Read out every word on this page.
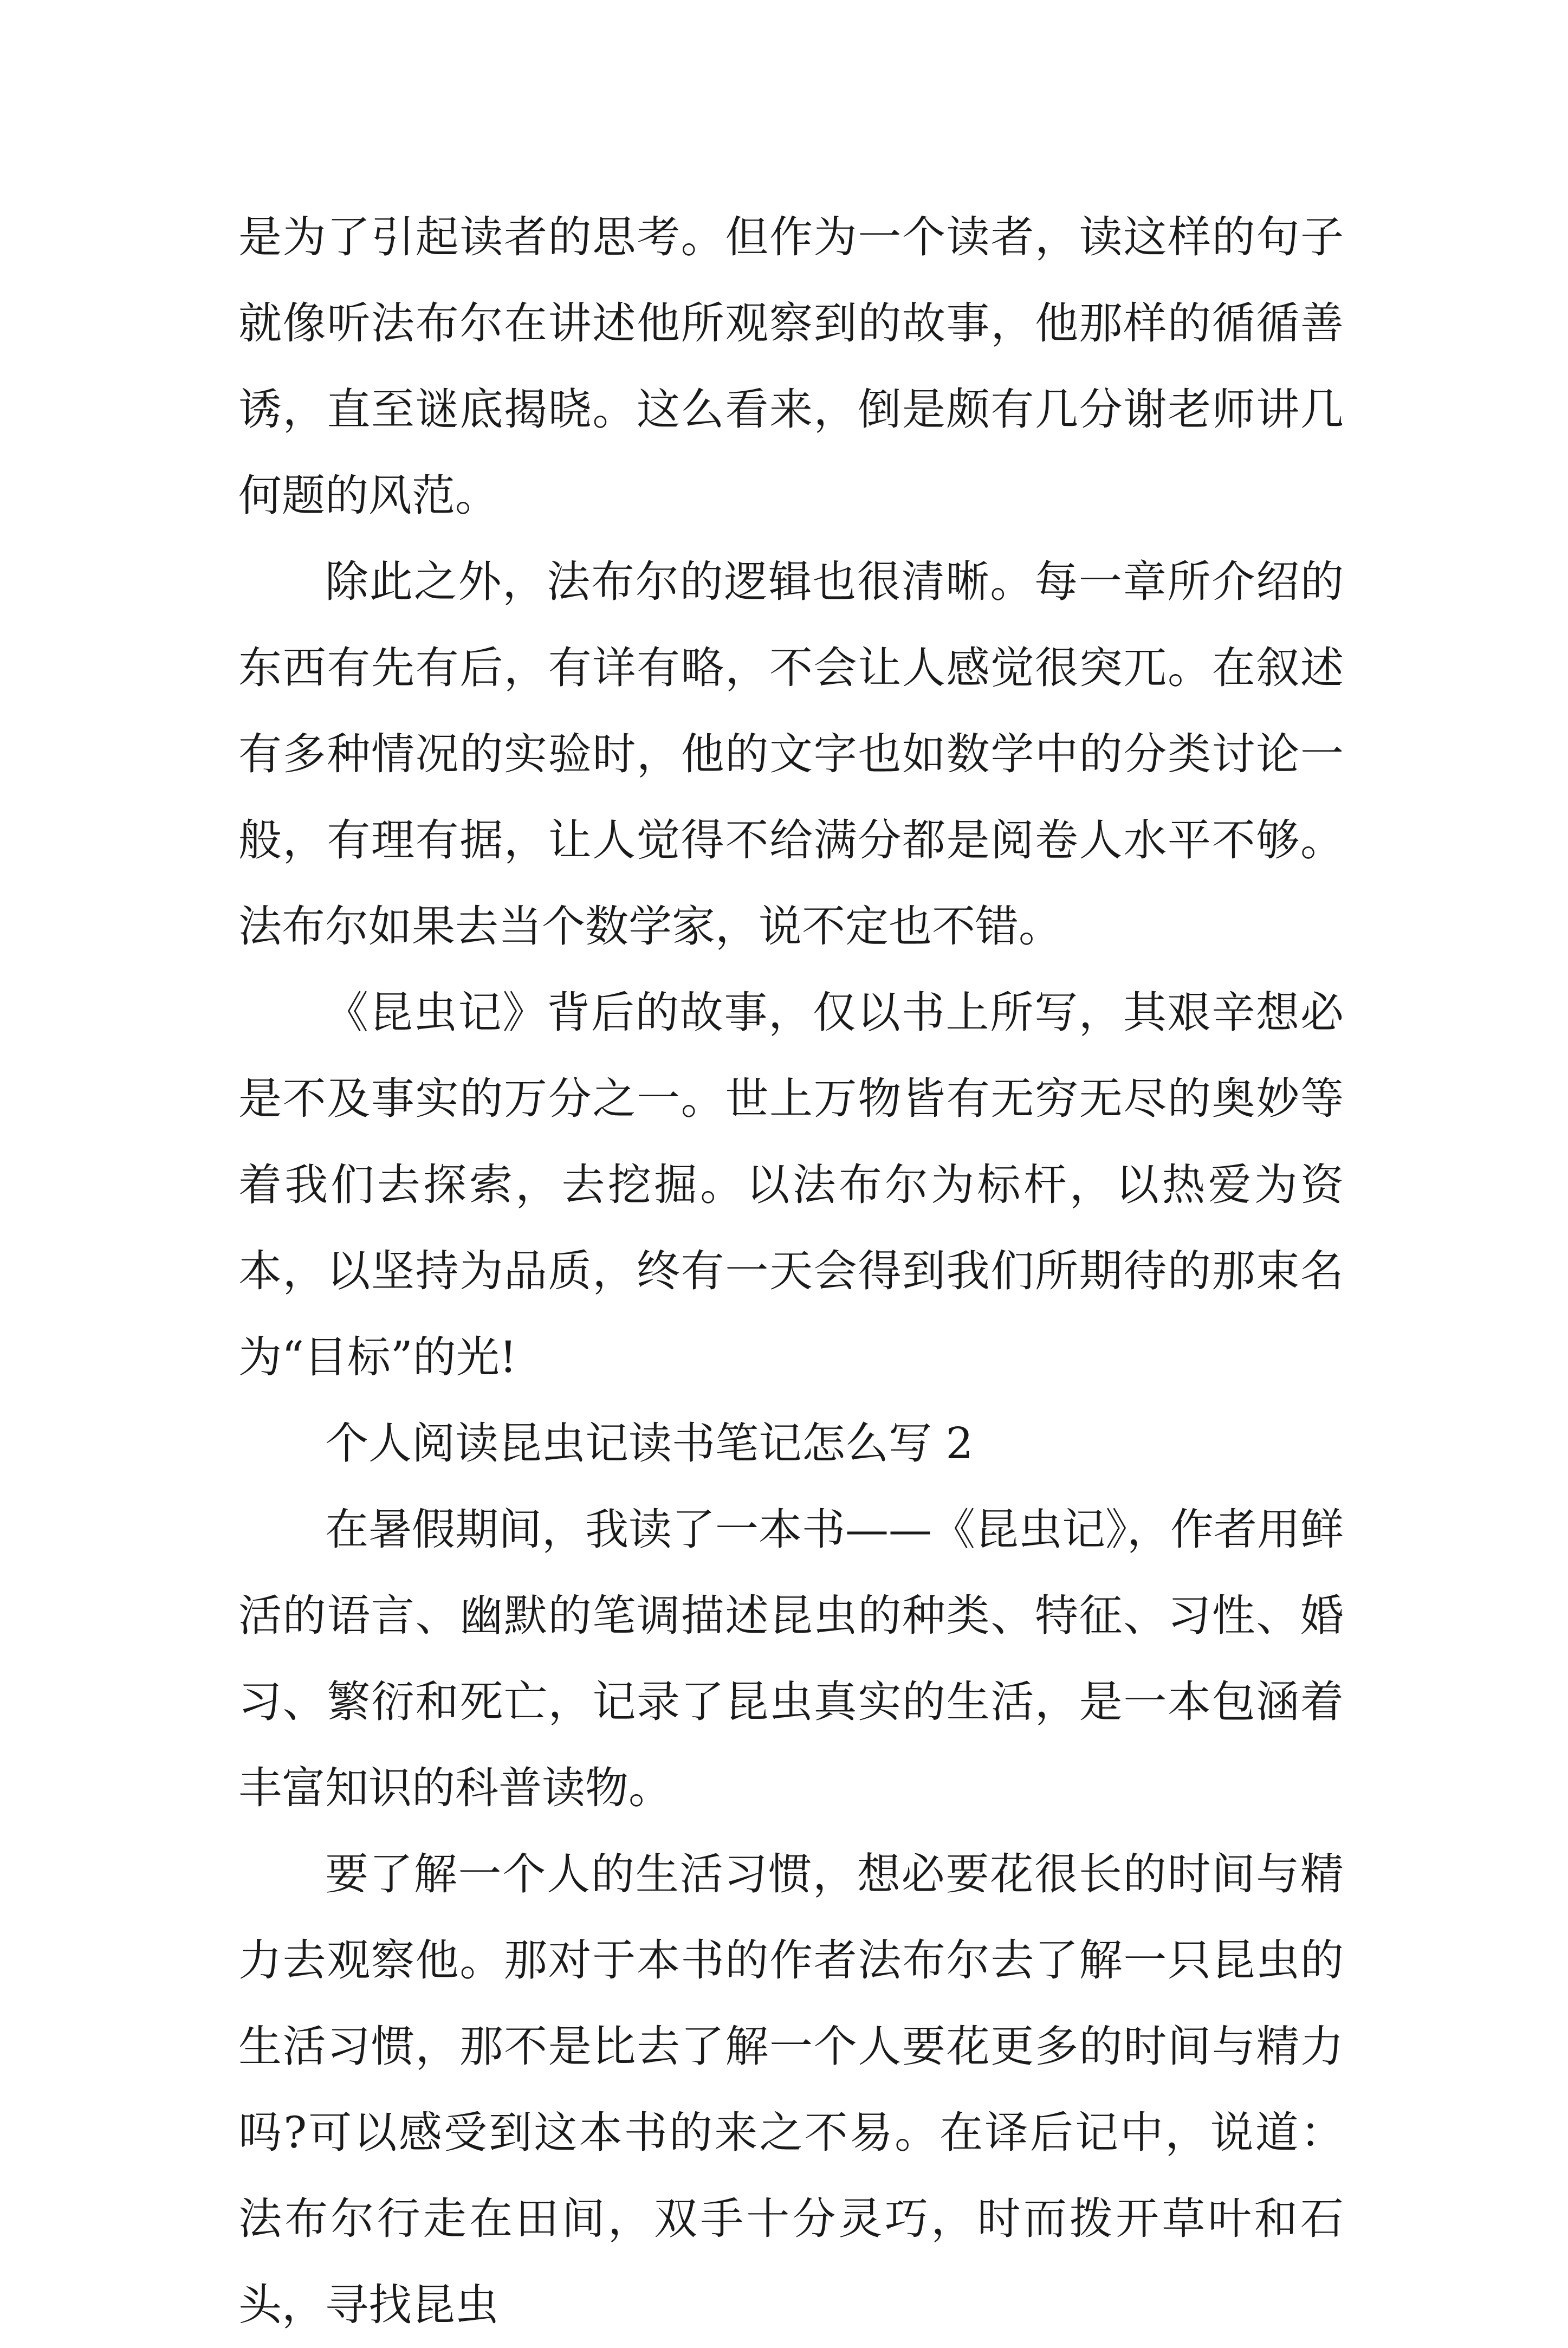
是为了引起读者的思考。但作为一个读者，读这样的句子就像听法布尔在讲述他所观察到的故事，他那样的循循善诱，直至谜底揭晓。这么看来，倒是颇有几分谢老师讲几何题的风范。

除此之外，法布尔的逻辑也很清晰。每一章所介绍的东西有先有后，有详有略，不会让人感觉很突兀。在叙述有多种情况的实验时，他的文字也如数学中的分类讨论一般，有理有据，让人觉得不给满分都是阅卷人水平不够。法布尔如果去当个数学家，说不定也不错。

《昆虫记》背后的故事，仅以书上所写，其艰辛想必是不及事实的万分之一。世上万物皆有无穷无尽的奥妙等着我们去探索，去挖掘。以法布尔为标杆，以热爱为资本，以坚持为品质，终有一天会得到我们所期待的那束名为“目标”的光!

个人阅读昆虫记读书笔记怎么写 2

在暑假期间，我读了一本书——《昆虫记》，作者用鲜活的语言、幽默的笔调描述昆虫的种类、特征、习性、婚习、繁衍和死亡，记录了昆虫真实的生活，是一本包涵着丰富知识的科普读物。

要了解一个人的生活习惯，想必要花很长的时间与精力去观察他。那对于本书的作者法布尔去了解一只昆虫的生活习惯，那不是比去了解一个人要花更多的时间与精力吗?可以感受到这本书的来之不易。在译后记中，说道：法布尔行走在田间，双手十分灵巧，时而拨开草叶和石头，寻找昆虫
